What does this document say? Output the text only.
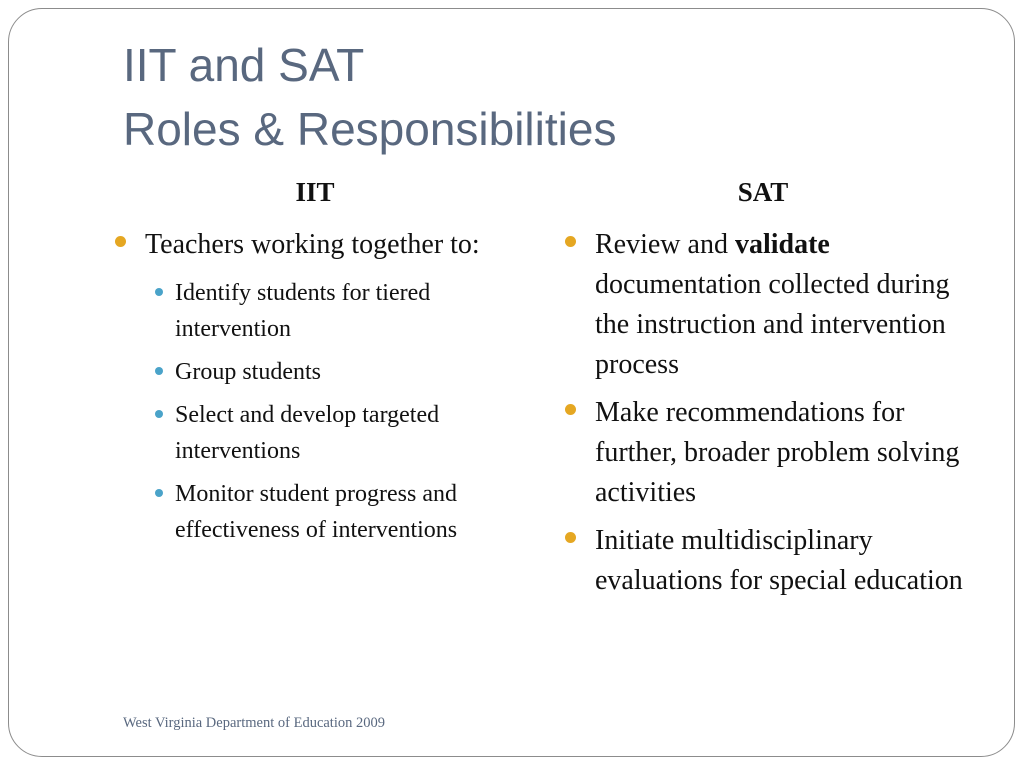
IIT and SAT
Roles & Responsibilities
IIT	SAT
Teachers working together to:
Identify students for tiered intervention
Group students
Select and develop targeted interventions
Monitor student progress and effectiveness of interventions
Review and validate documentation collected during the instruction and intervention process
Make recommendations for further, broader problem solving activities
Initiate multidisciplinary evaluations for special education
West Virginia Department of Education 2009
